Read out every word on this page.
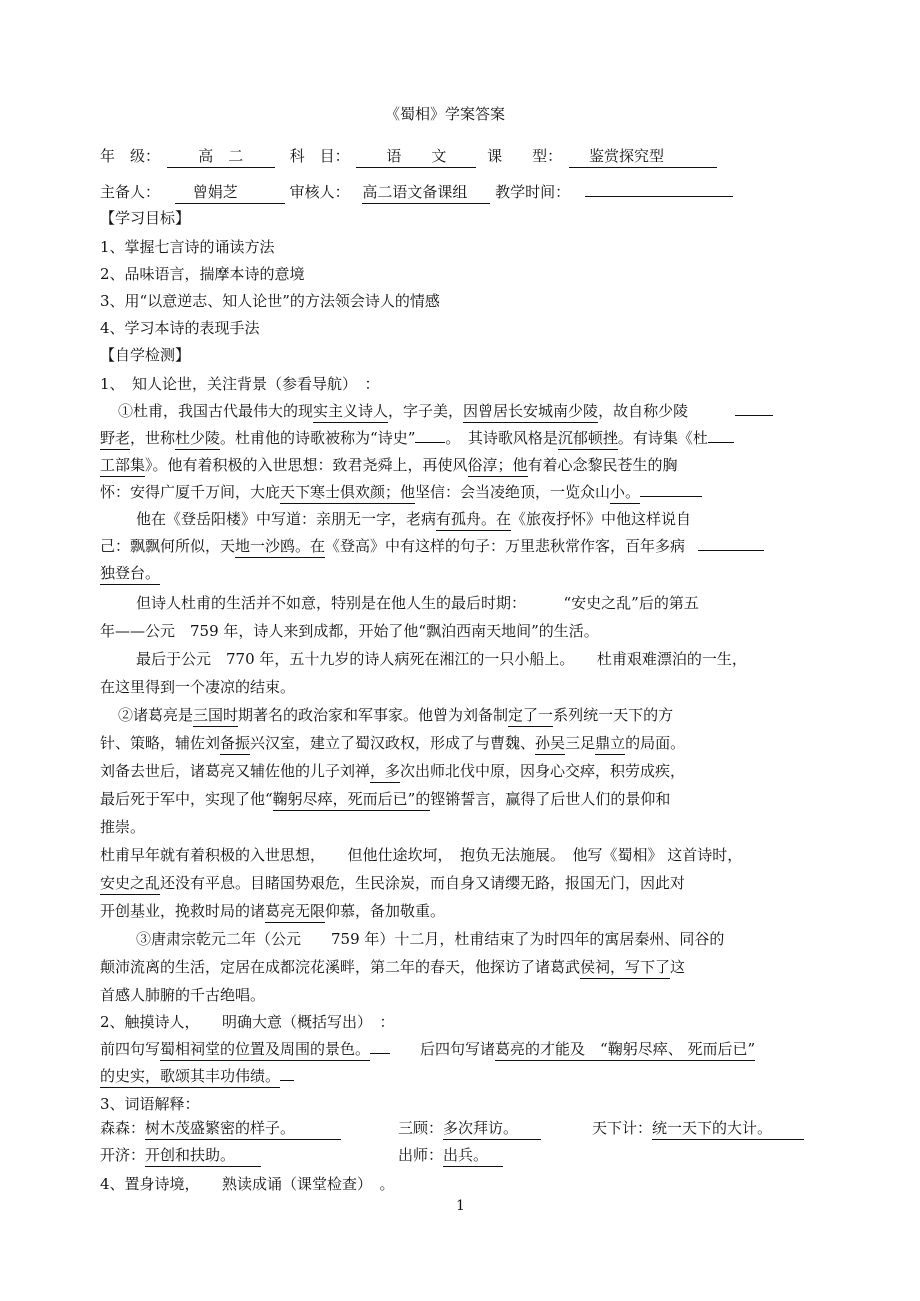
《蜀相》学案答案
年　级：	高　二	科　目： 语　　文	课　　型： 鉴赏探究型
主备人： 曾娟芝	审核人： 高二语文备课组 教学时间：
【学习目标】
1、掌握七言诗的诵读方法
2、品味语言，揣摩本诗的意境
3、用“以意逆志、知人论世”的方法领会诗人的情感
4、学习本诗的表现手法
【自学检测】
1、　知人论世，关注背景（参看导航）　：
①杜甫，我国古代最伟大的现实主义诗人，字子美，因曾居长安城南少陵，故自称少陵
野老，世称杜少陵。杜甫他的诗歌被称为“诗史” 。　其诗歌风格是沉郁顿挫。有诗集《杜
工部集》。他有着积极的入世思想：致君尧舜上，再使风俗淳；他有着心念黎民苍生的胸
怀：安得广厦千万间，大庇天下寒士俱欢颜；他坚信：会当凌绝顶，一览众山小。
他在《登岳阳楼》中写道：亲朋无一字，老病有孤舟。在《旅夜抒怀》中他这样说自
己：飘飘何所似，天地一沙鸥。在《登高》中有这样的句子：万里悲秋常作客，百年多病
独登台。
但诗人杜甫的生活并不如意，特别是在他人生的最后时期：　　　“安史之乱”后的第五
年——公元　759 年，诗人来到成都，开始了他“飘泊西南天地间”的生活。
最后于公元　770 年，五十九岁的诗人病死在湘江的一只小船上。　　杜甫艰难漂泊的一生，
在这里得到一个凄凉的结束。
②诸葛亮是三国时期著名的政治家和军事家。他曾为刘备制定了一系列统一天下的方
针、策略，辅佐刘备振兴汉室，建立了蜀汉政权，形成了与曹魏、孙吴三足鼎立的局面。
刘备去世后，诸葛亮又辅佐他的儿子刘禅，多次出师北伐中原，因身心交瘁，积劳成疾，
最后死于军中，实现了他“鞠躬尽瘁，死而后已”的铿锵誓言，赢得了后世人们的景仰和
推崇。
杜甫早年就有着积极的入世思想，　　但他仕途坎坷，　抱负无法施展。　他写《蜀相》 这首诗时，
安史之乱还没有平息。目睹国势艰危，生民涂炭，而自身又请缨无路，报国无门，因此对
开创基业，挽救时局的诸葛亮无限仰慕，备加敬重。
③唐肃宗乾元二年（公元　　759 年）十二月，杜甫结束了为时四年的寓居秦州、同谷的
颠沛流离的生活，定居在成都浣花溪畔，第二年的春天，他探访了诸葛武侯祠，写下了这
首感人肺腑的千古绝唱。
2、触摸诗人，　　明确大意（概括写出）　：
前四句写蜀相祠堂的位置及周围的景色。　　后四句写诸葛亮的才能及　“鞠躬尽瘁、 死而后已”
的史实，歌颂其丰功伟绩。
3、词语解释：
森森：树木茂盛繁密的样子。	三顾：多次拜访。	天下计：统一天下的大计。
开济：开创和扶助。	出师：出兵。
4、置身诗境，　　熟读成诵（课堂检查）　。
1
